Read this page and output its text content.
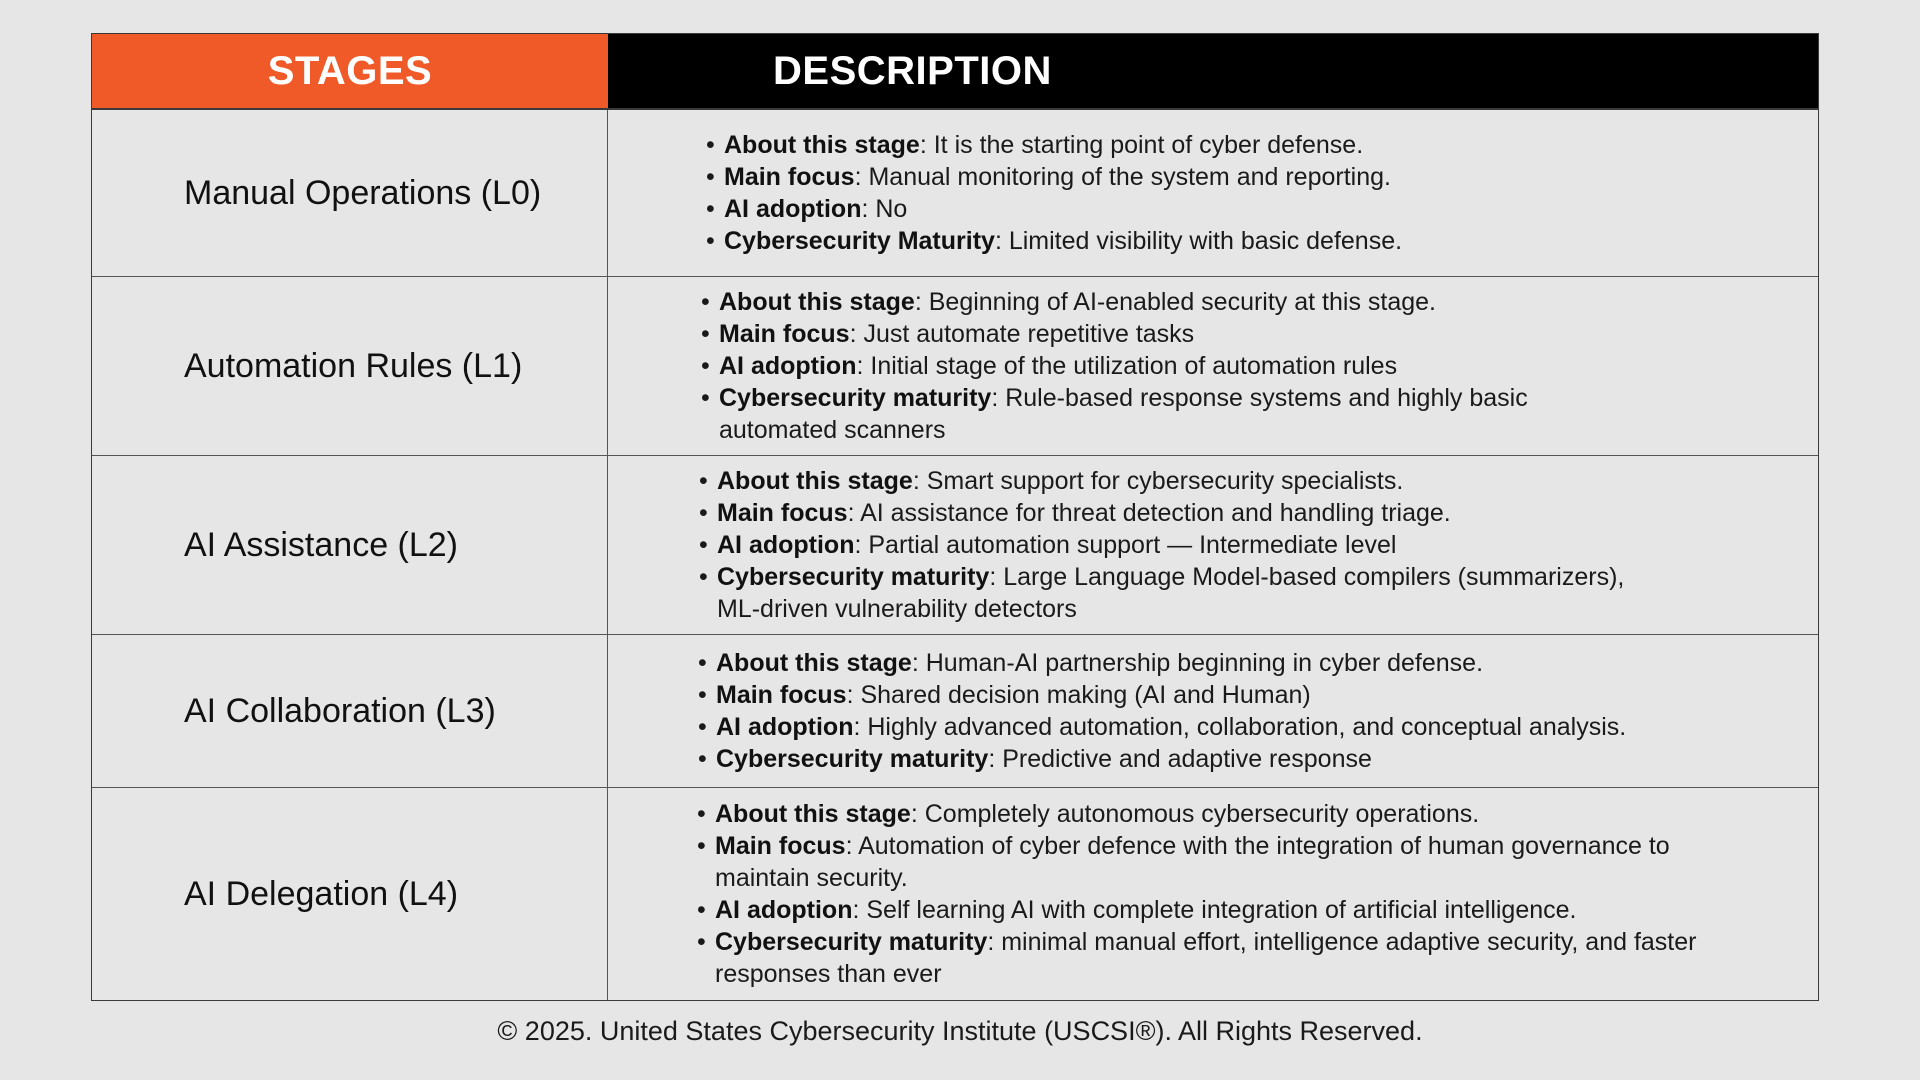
STAGES	DESCRIPTION
Manual Operations (L0)
• About this stage: It is the starting point of cyber defense.
• Main focus: Manual monitoring of the system and reporting.
• AI adoption: No
• Cybersecurity Maturity: Limited visibility with basic defense.
Automation Rules (L1)
• About this stage: Beginning of AI-enabled security at this stage.
• Main focus: Just automate repetitive tasks
• AI adoption: Initial stage of the utilization of automation rules
• Cybersecurity maturity: Rule-based response systems and highly basic automated scanners
AI Assistance (L2)
• About this stage: Smart support for cybersecurity specialists.
• Main focus: AI assistance for threat detection and handling triage.
• AI adoption: Partial automation support — Intermediate level
• Cybersecurity maturity: Large Language Model-based compilers (summarizers), ML-driven vulnerability detectors
AI Collaboration (L3)
• About this stage: Human-AI partnership beginning in cyber defense.
• Main focus: Shared decision making (AI and Human)
• AI adoption: Highly advanced automation, collaboration, and conceptual analysis.
• Cybersecurity maturity: Predictive and adaptive response
AI Delegation (L4)
• About this stage: Completely autonomous cybersecurity operations.
• Main focus: Automation of cyber defence with the integration of human governance to maintain security.
• AI adoption: Self learning AI with complete integration of artificial intelligence.
• Cybersecurity maturity: minimal manual effort, intelligence adaptive security, and faster responses than ever
© 2025. United States Cybersecurity Institute (USCSI®). All Rights Reserved.
